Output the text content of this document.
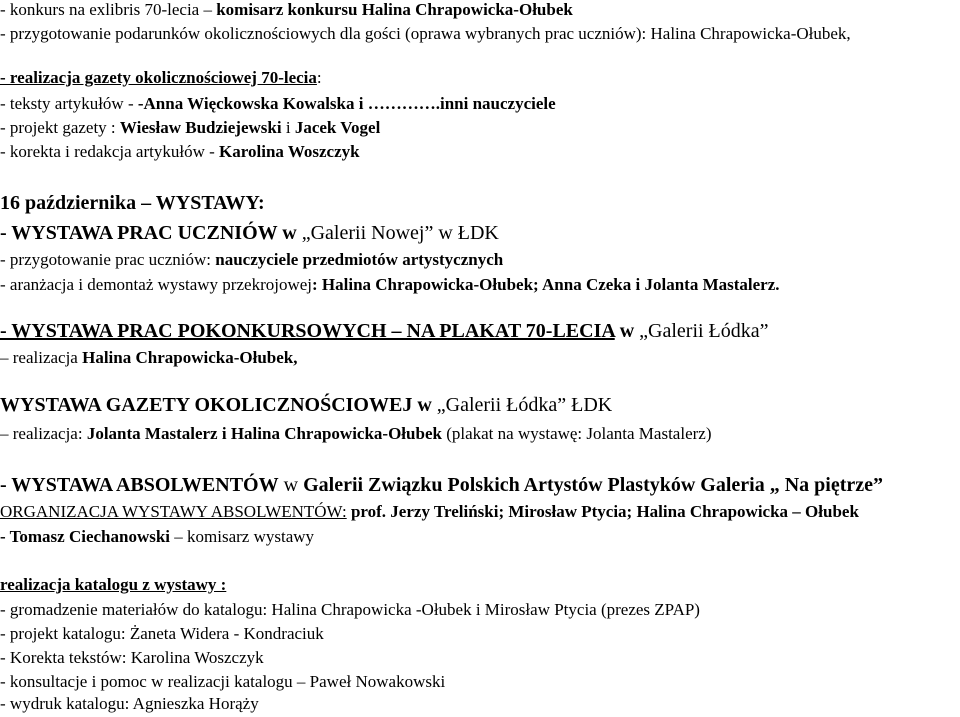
- konkurs na exlibris 70-lecia – komisarz konkursu Halina Chrapowicka-Ołubek
- przygotowanie podarunków okolicznościowych dla gości (oprawa wybranych prac uczniów): Halina Chrapowicka-Ołubek,
- realizacja gazety okolicznościowej 70-lecia:
- teksty artykułów - -Anna Więckowska Kowalska i ………….inni nauczyciele
- projekt gazety : Wiesław Budziejewski i Jacek Vogel
- korekta i redakcja artykułów - Karolina Woszczyk
16 października – WYSTAWY:
- WYSTAWA PRAC UCZNIÓW w „Galerii Nowej” w ŁDK
- przygotowanie prac uczniów: nauczyciele przedmiotów artystycznych
- aranżacja i demontaż wystawy przekrojowej: Halina Chrapowicka-Ołubek; Anna Czeka i Jolanta Mastalerz.
- WYSTAWA PRAC POKONKURSOWYCH – NA PLAKAT 70-LECIA w „Galerii Łódka”
– realizacja Halina Chrapowicka-Ołubek,
WYSTAWA GAZETY OKOLICZNOŚCIOWEJ w „Galerii Łódka” ŁDK
– realizacja: Jolanta Mastalerz i Halina Chrapowicka-Ołubek (plakat na wystawę: Jolanta Mastalerz)
- WYSTAWA ABSOLWENTÓW w Galerii Związku Polskich Artystów Plastyków Galeria „ Na piętrze”
ORGANIZACJA WYSTAWY ABSOLWENTÓW: prof. Jerzy Treliński; Mirosław Ptycia; Halina Chrapowicka – Ołubek
- Tomasz Ciechanowski – komisarz wystawy
realizacja katalogu z wystawy :
- gromadzenie materiałów do katalogu: Halina Chrapowicka -Ołubek i Mirosław Ptycia (prezes ZPAP)
- projekt katalogu: Żaneta Widera - Kondraciuk
- Korekta tekstów: Karolina Woszczyk
- konsultacje i pomoc w realizacji katalogu – Paweł Nowakowski
- wydruk katalogu: Agnieszka Horąży
